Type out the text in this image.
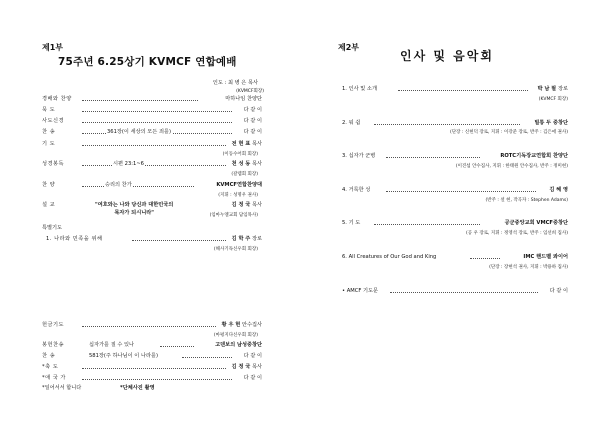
제1부
75주년 6.25상기 KVMCF 연합예배
인도 : 최 병 은 목사
(KVMCF회장)
경배와 찬양	마하나임 찬양단
묵 도	다 같 이
사도신경	다 같 이
찬 송	361장(이 세상의 모든 죄를)	다 같 이
기 도	전 현 표 목사
(이동수어회 회장)
성경봉독	시편 23:1~6	천 성 동 목사
(갈렙회 회장)
찬 양	승리의 찬가	KVMCF연합찬양대
(지휘 : 성명우 권사)
설 교	"여호와는 나와 당신과 대한민국의
목자가 되시니라"
김 정 국 목사
(임마누엘교회 담임목사)
특별기도
1. 나라와 민족을 위해	김 학 주 장로
(해사기독신우회 회장)
헌금기도	황 우 현 안수집사
(마평지다신우회 회장)
봉헌찬송	십자가를 질 수 있나	고덴보의 남성중창단
찬 송	581장(주 하나님이 이 나라를)	다 같 이
*축 도	김 정 국 목사
*애 국 가	다 같 이
*일어서서 합니다	*단체사진 촬영
제2부
인사 및 음악회
1. 인사 및 소개	박 남 필 장로
(KVMCF 회장)
2. 워 쉽	빌롱 두 중창단
(단장 : 신현덕 장로, 지휘 : 이강준 장로, 반주 : 김은애 권사)
3. 십자가 군병	ROTC기독장교연합회 찬양단
(이진섭 안수집사, 지휘 : 한태원 안수집사, 반주 : 정미현)
4. 거룩한 성	김 혜 영
(반주 : 설 현, 작곡자 : Stephen Adams)
5. 기 도	공군중앙교회 VMCF중창단
(공 우 장로, 지휘 : 정영석 장로, 반주 : 임선희 집사)
6. All Creatures of Our God and King	IMC 핸드벨 콰이어
(단장 : 장현석 권사, 지휘 : 박용하 집사)
• AMCF 기도문	다 같 이
